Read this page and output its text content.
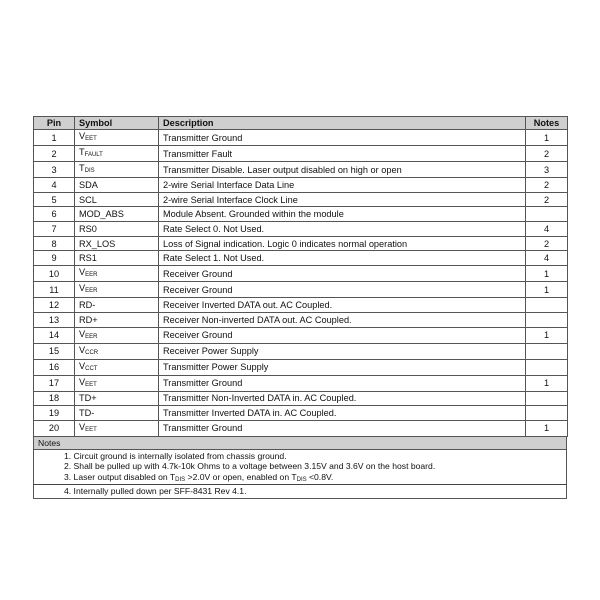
Pin	Symbol	Description	Notes
1	VEET	Transmitter Ground	1
2	TFAULT	Transmitter Fault	2
3	TDIS	Transmitter Disable. Laser output disabled on high or open	3
4	SDA	2-wire Serial Interface Data Line	2
5	SCL	2-wire Serial Interface Clock Line	2
6	MOD_ABS	Module Absent. Grounded within the module	
7	RS0	Rate Select 0. Not Used.	4
8	RX_LOS	Loss of Signal indication. Logic 0 indicates normal operation	2
9	RS1	Rate Select 1. Not Used.	4
10	VEER	Receiver Ground	1
11	VEER	Receiver Ground	1
12	RD-	Receiver Inverted DATA out. AC Coupled.	
13	RD+	Receiver Non-inverted DATA out. AC Coupled.	
14	VEER	Receiver Ground	1
15	VCCR	Receiver Power Supply	
16	VCCT	Transmitter Power Supply	
17	VEET	Transmitter Ground	1
18	TD+	Transmitter Non-Inverted DATA in. AC Coupled.	
19	TD-	Transmitter Inverted DATA in. AC Coupled.	
20	VEET	Transmitter Ground	1
Notes
1. Circuit ground is internally isolated from chassis ground.
2. Shall be pulled up with 4.7k-10k Ohms to a voltage between 3.15V and 3.6V on the host board.
3. Laser output disabled on TDIS >2.0V or open, enabled on TDIS <0.8V.
4. Internally pulled down per SFF-8431 Rev 4.1.
